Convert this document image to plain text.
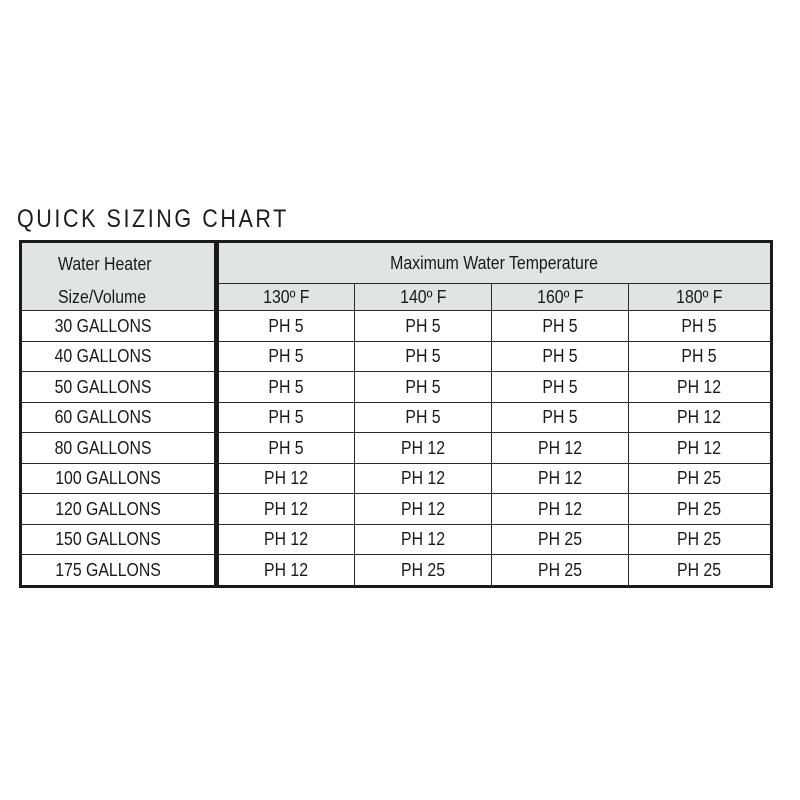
QUICK SIZING CHART
Water Heater
Size/Volume	Maximum Water Temperature			
	130º F	140º F	160º F	180º F
30 GALLONS	PH 5	PH 5	PH 5	PH 5
40 GALLONS	PH 5	PH 5	PH 5	PH 5
50 GALLONS	PH 5	PH 5	PH 5	PH 12
60 GALLONS	PH 5	PH 5	PH 5	PH 12
80 GALLONS	PH 5	PH 12	PH 12	PH 12
100 GALLONS	PH 12	PH 12	PH 12	PH 25
120 GALLONS	PH 12	PH 12	PH 12	PH 25
150 GALLONS	PH 12	PH 12	PH 25	PH 25
175 GALLONS	PH 12	PH 25	PH 25	PH 25
